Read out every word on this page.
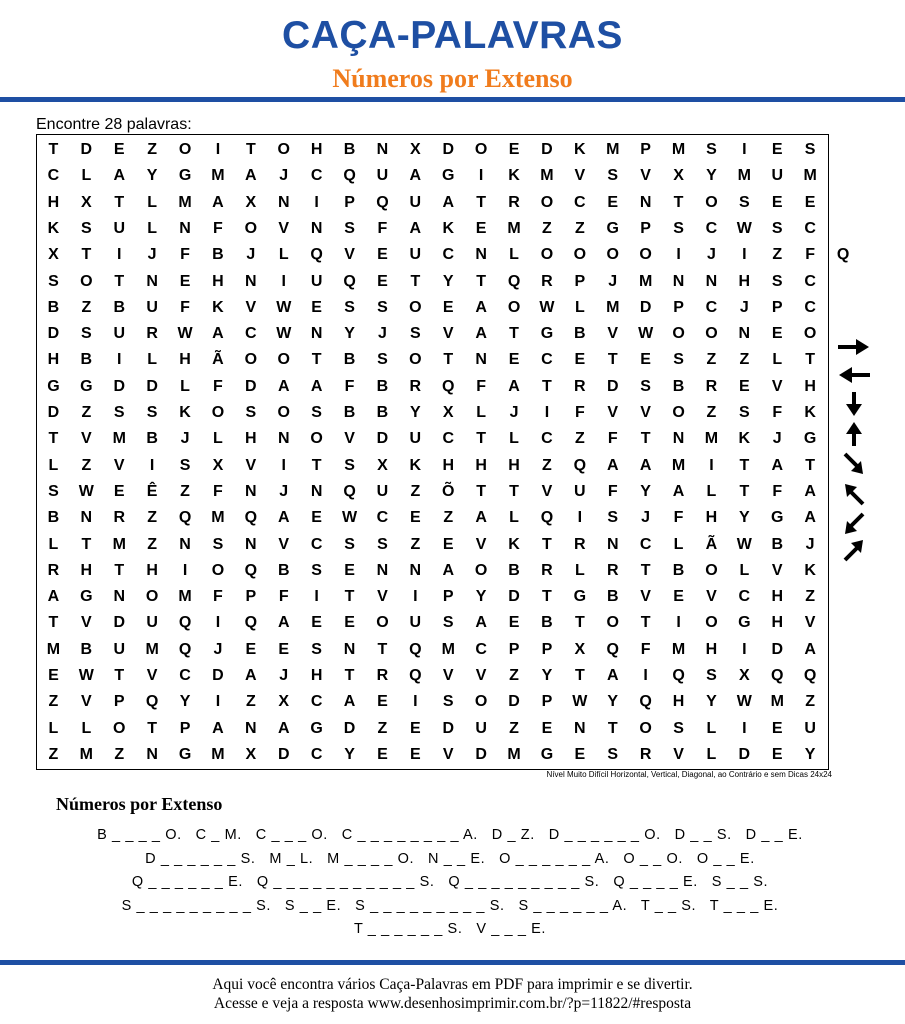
CAÇA-PALAVRAS
Números por Extenso
Encontre 28 palavras:
T	D	E	Z	O	I	T	O	H	B	N	X	D	O	E	D	K	M	P	M	S	I	E	S
C	L	A	Y	G	M	A	J	C	Q	U	A	G	I	K	M	V	S	V	X	Y	M	U	M
H	X	T	L	M	A	X	N	I	P	Q	U	A	T	R	O	C	E	N	T	O	S	E	E
K	S	U	L	N	F	O	V	N	S	F	A	K	E	M	Z	Z	G	P	S	C	W	S	C
X	T	I	J	F	B	J	L	Q	V	E	U	C	N	L	O	O	O	O	I	J	I	Z	F	Q
S	O	T	N	E	H	N	I	U	Q	E	T	Y	T	Q	R	P	J	M	N	N	H	S	C
B	Z	B	U	F	K	V	W	E	S	S	O	E	A	O	W	L	M	D	P	C	J	P	C
D	S	U	R	W	A	C	W	N	Y	J	S	V	A	T	G	B	V	W	O	O	N	E	O
H	B	I	L	H	Ã	O	O	T	B	S	O	T	N	E	C	E	T	E	S	Z	Z	L	T
G	G	D	D	L	F	D	A	A	F	B	R	Q	F	A	T	R	D	S	B	R	E	V	H
D	Z	S	S	K	O	S	O	S	B	B	Y	X	L	J	I	F	V	V	O	Z	S	F	K
T	V	M	B	J	L	H	N	O	V	D	U	C	T	L	C	Z	F	T	N	M	K	J	G
L	Z	V	I	S	X	V	I	T	S	X	K	H	H	H	Z	Q	A	A	M	I	T	A	T
S	W	E	Ê	Z	F	N	J	N	Q	U	Z	Õ	T	T	V	U	F	Y	A	L	T	F	A
B	N	R	Z	Q	M	Q	A	E	W	C	E	Z	A	L	Q	I	S	J	F	H	Y	G	A
L	T	M	Z	N	S	N	V	C	S	S	Z	E	V	K	T	R	N	C	L	Ã	W	B	J
R	H	T	H	I	O	Q	B	S	E	N	N	A	O	B	R	L	R	T	B	O	L	V	K
A	G	N	O	M	F	P	F	I	T	V	I	P	Y	D	T	G	B	V	E	V	C	H	Z
T	V	D	U	Q	I	Q	A	E	E	O	U	S	A	E	B	T	O	T	I	O	G	H	V
M	B	U	M	Q	J	E	E	S	N	T	Q	M	C	P	P	X	Q	F	M	H	I	D	A
E	W	T	V	C	D	A	J	H	T	R	Q	V	V	Z	Y	T	A	I	Q	S	X	Q	Q
Z	V	P	Q	Y	I	Z	X	C	A	E	I	S	O	D	P	W	Y	Q	H	Y	W	M	Z
L	L	O	T	P	A	N	A	G	D	Z	E	D	U	Z	E	N	T	O	S	L	I	E	U
Z	M	Z	N	G	M	X	D	C	Y	E	E	V	D	M	G	E	S	R	V	L	D	E	Y
Nível Muito Difícil Horizontal, Vertical, Diagonal, ao Contrário e sem Dicas 24x24
Números por Extenso
B _ _ _ _ O.   C _ M.   C _ _ _ O.   C _ _ _ _ _ _ _ _ A.   D _ Z.   D _ _ _ _ _ _ O.   D _ _ S.   D _ _ E.
D _ _ _ _ _ _ S.   M _ L.   M _ _ _ _ O.   N _ _ E.   O _ _ _ _ _ _ A.   O _ _ O.   O _ _ E.
Q _ _ _ _ _ _ E.   Q _ _ _ _ _ _ _ _ _ _ _ S.   Q _ _ _ _ _ _ _ _ _ S.   Q _ _ _ _ E.   S _ _ S.
S _ _ _ _ _ _ _ _ _ S.   S _ _ E.   S _ _ _ _ _ _ _ _ _ S.   S _ _ _ _ _ _ A.   T _ _ S.   T _ _ _ E.
T _ _ _ _ _ _ S.   V _ _ _ E.
Aqui você encontra vários Caça-Palavras em PDF para imprimir e se divertir.
Acesse e veja a resposta www.desenhosimprimir.com.br/?p=11822/#resposta
